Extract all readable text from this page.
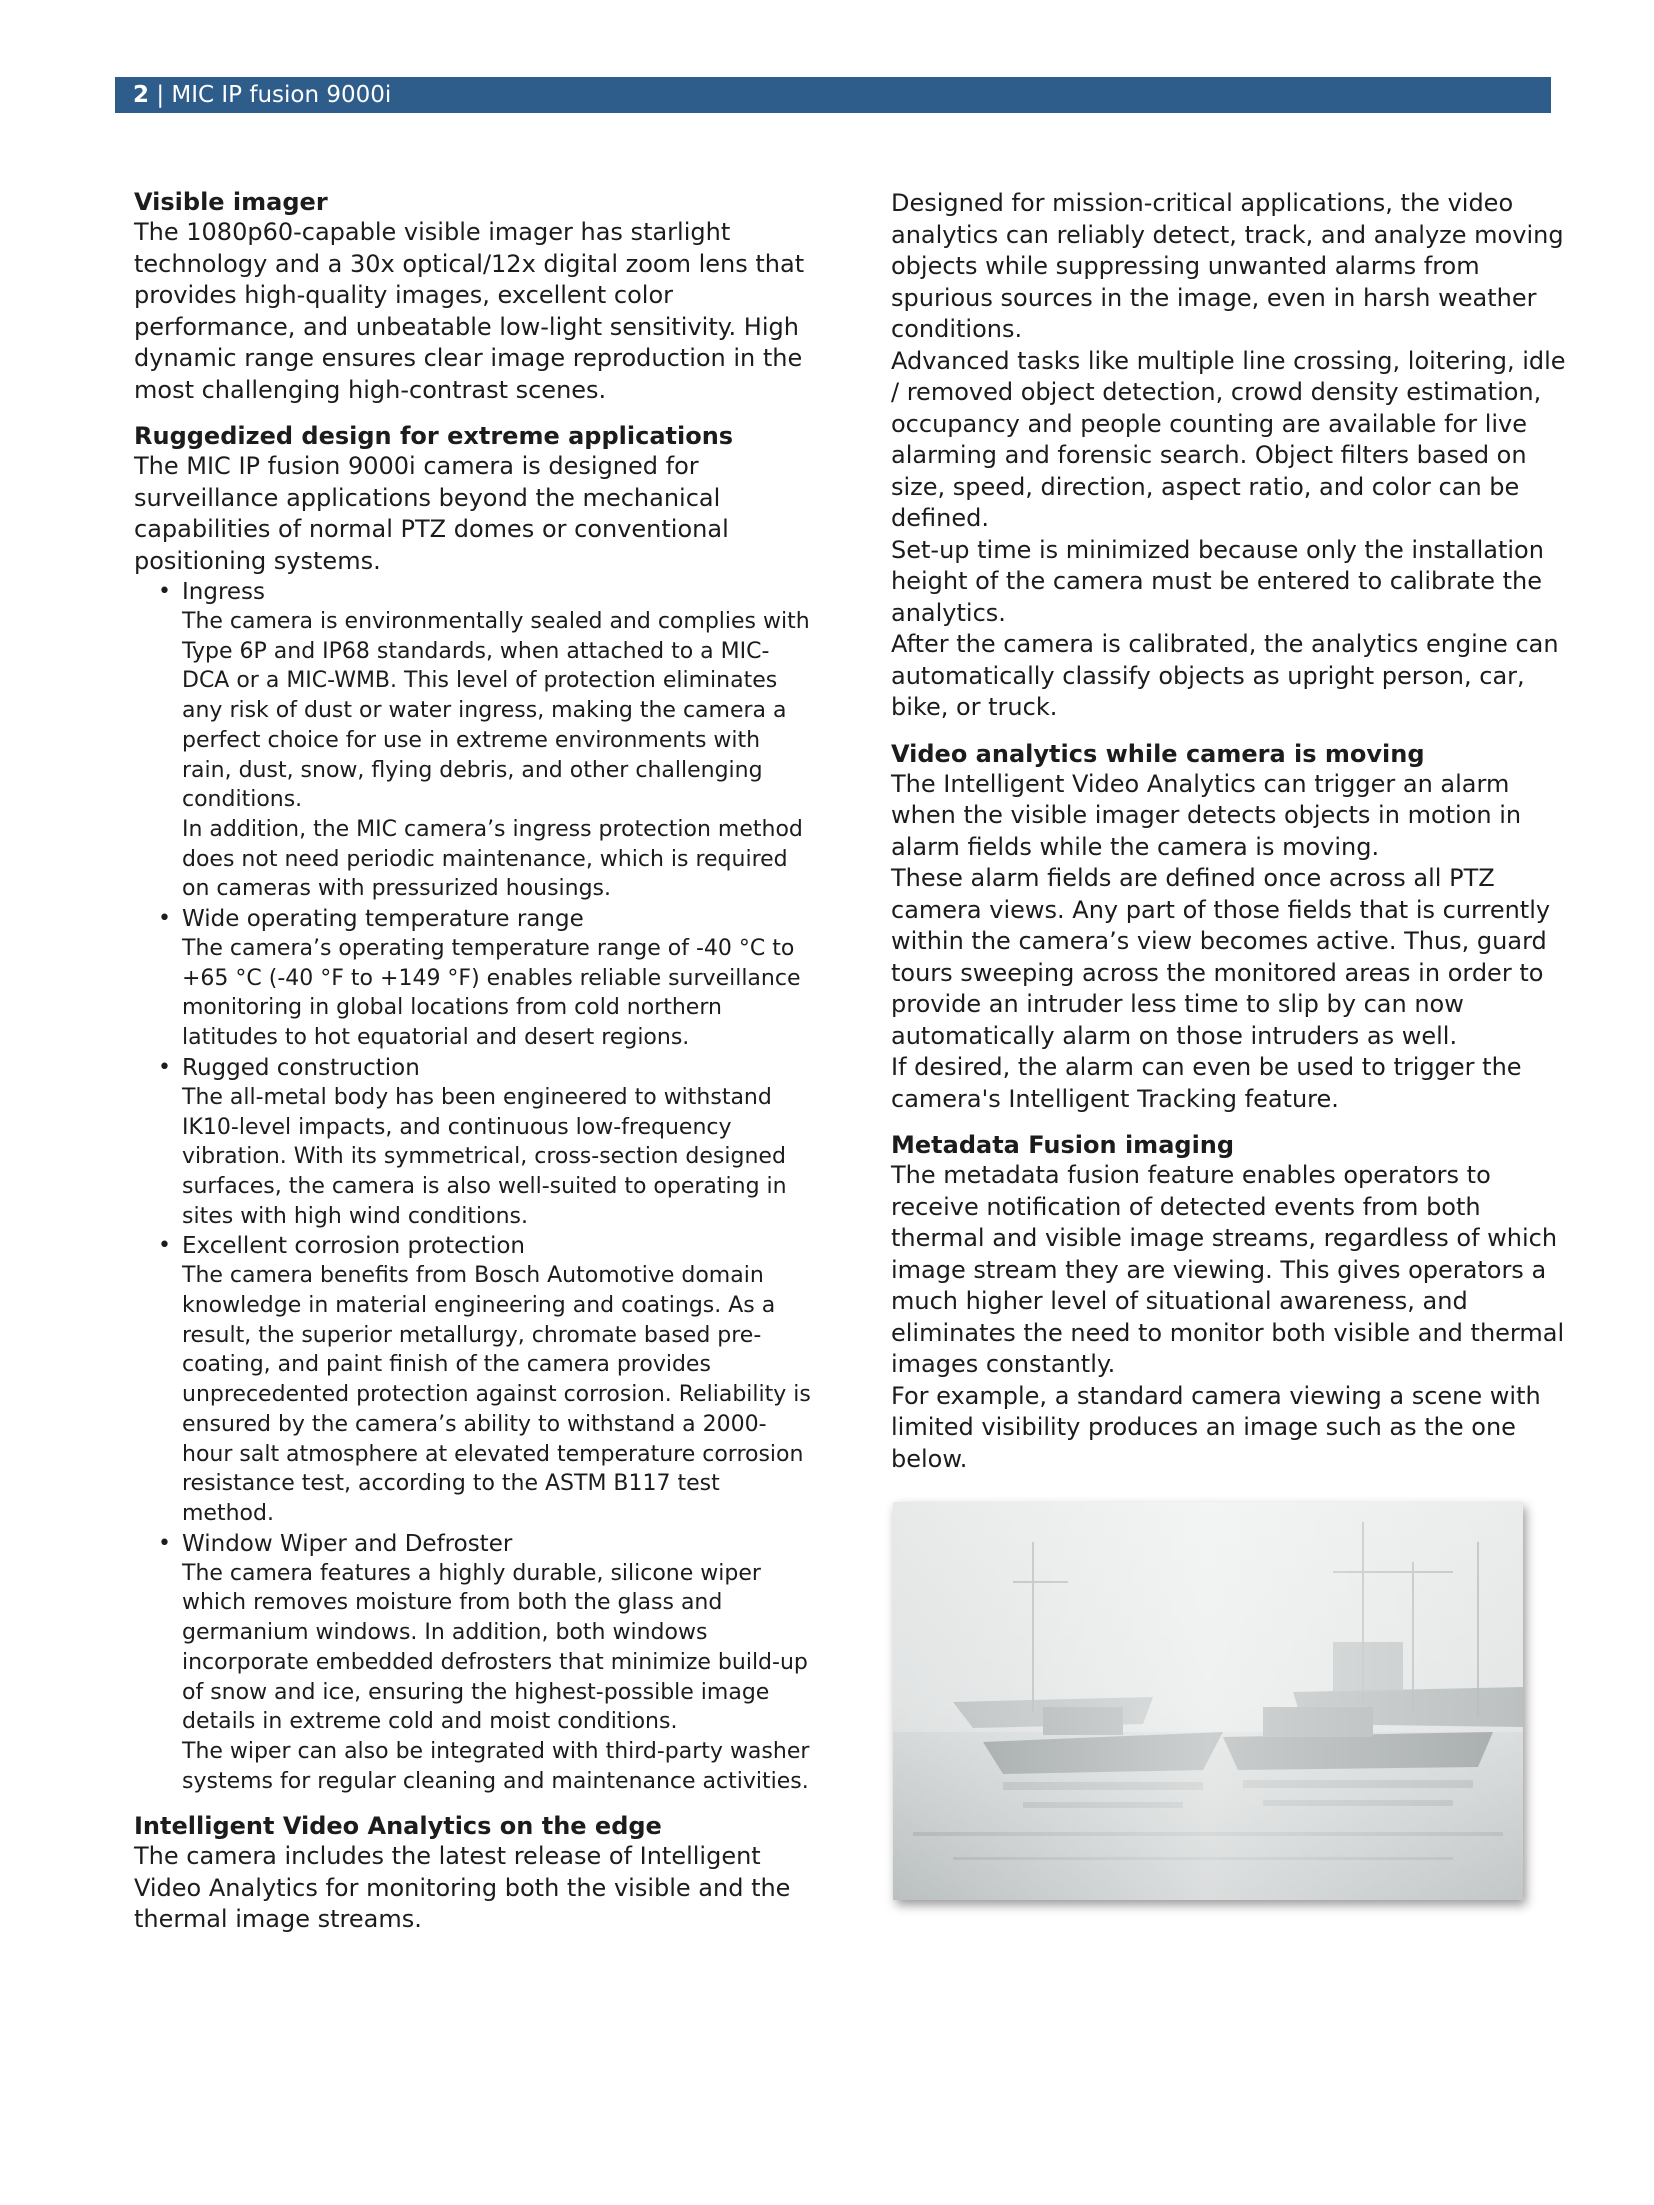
2 | MIC IP fusion 9000i

Visible imager

The 1080p60-capable visible imager has starlight technology and a 30x optical/12x digital zoom lens that provides high-quality images, excellent color performance, and unbeatable low-light sensitivity. High dynamic range ensures clear image reproduction in the most challenging high-contrast scenes.

Ruggedized design for extreme applications

The MIC IP fusion 9000i camera is designed for surveillance applications beyond the mechanical capabilities of normal PTZ domes or conventional positioning systems.

• Ingress

The camera is environmentally sealed and complies with Type 6P and IP68 standards, when attached to a MIC-DCA or a MIC-WMB. This level of protection eliminates any risk of dust or water ingress, making the camera a perfect choice for use in extreme environments with rain, dust, snow, flying debris, and other challenging conditions.

In addition, the MIC camera’s ingress protection method does not need periodic maintenance, which is required on cameras with pressurized housings.

• Wide operating temperature range

The camera’s operating temperature range of -40 °C to +65 °C (-40 °F to +149 °F) enables reliable surveillance monitoring in global locations from cold northern latitudes to hot equatorial and desert regions.

• Rugged construction

The all-metal body has been engineered to withstand IK10-level impacts, and continuous low-frequency vibration. With its symmetrical, cross-section designed surfaces, the camera is also well-suited to operating in sites with high wind conditions.

• Excellent corrosion protection

The camera benefits from Bosch Automotive domain knowledge in material engineering and coatings. As a result, the superior metallurgy, chromate based pre-coating, and paint finish of the camera provides unprecedented protection against corrosion. Reliability is ensured by the camera’s ability to withstand a 2000-hour salt atmosphere at elevated temperature corrosion resistance test, according to the ASTM B117 test method.

• Window Wiper and Defroster

The camera features a highly durable, silicone wiper which removes moisture from both the glass and germanium windows. In addition, both windows incorporate embedded defrosters that minimize build-up of snow and ice, ensuring the highest-possible image details in extreme cold and moist conditions.

The wiper can also be integrated with third-party washer systems for regular cleaning and maintenance activities.

Intelligent Video Analytics on the edge

The camera includes the latest release of Intelligent Video Analytics for monitoring both the visible and the thermal image streams.

Designed for mission-critical applications, the video analytics can reliably detect, track, and analyze moving objects while suppressing unwanted alarms from spurious sources in the image, even in harsh weather conditions.

Advanced tasks like multiple line crossing, loitering, idle / removed object detection, crowd density estimation, occupancy and people counting are available for live alarming and forensic search. Object filters based on size, speed, direction, aspect ratio, and color can be defined.

Set-up time is minimized because only the installation height of the camera must be entered to calibrate the analytics.

After the camera is calibrated, the analytics engine can automatically classify objects as upright person, car, bike, or truck.

Video analytics while camera is moving

The Intelligent Video Analytics can trigger an alarm when the visible imager detects objects in motion in alarm fields while the camera is moving.

These alarm fields are defined once across all PTZ camera views. Any part of those fields that is currently within the camera’s view becomes active. Thus, guard tours sweeping across the monitored areas in order to provide an intruder less time to slip by can now automatically alarm on those intruders as well.

If desired, the alarm can even be used to trigger the camera's Intelligent Tracking feature.

Metadata Fusion imaging

The metadata fusion feature enables operators to receive notification of detected events from both thermal and visible image streams, regardless of which image stream they are viewing. This gives operators a much higher level of situational awareness, and eliminates the need to monitor both visible and thermal images constantly.

For example, a standard camera viewing a scene with limited visibility produces an image such as the one below.
